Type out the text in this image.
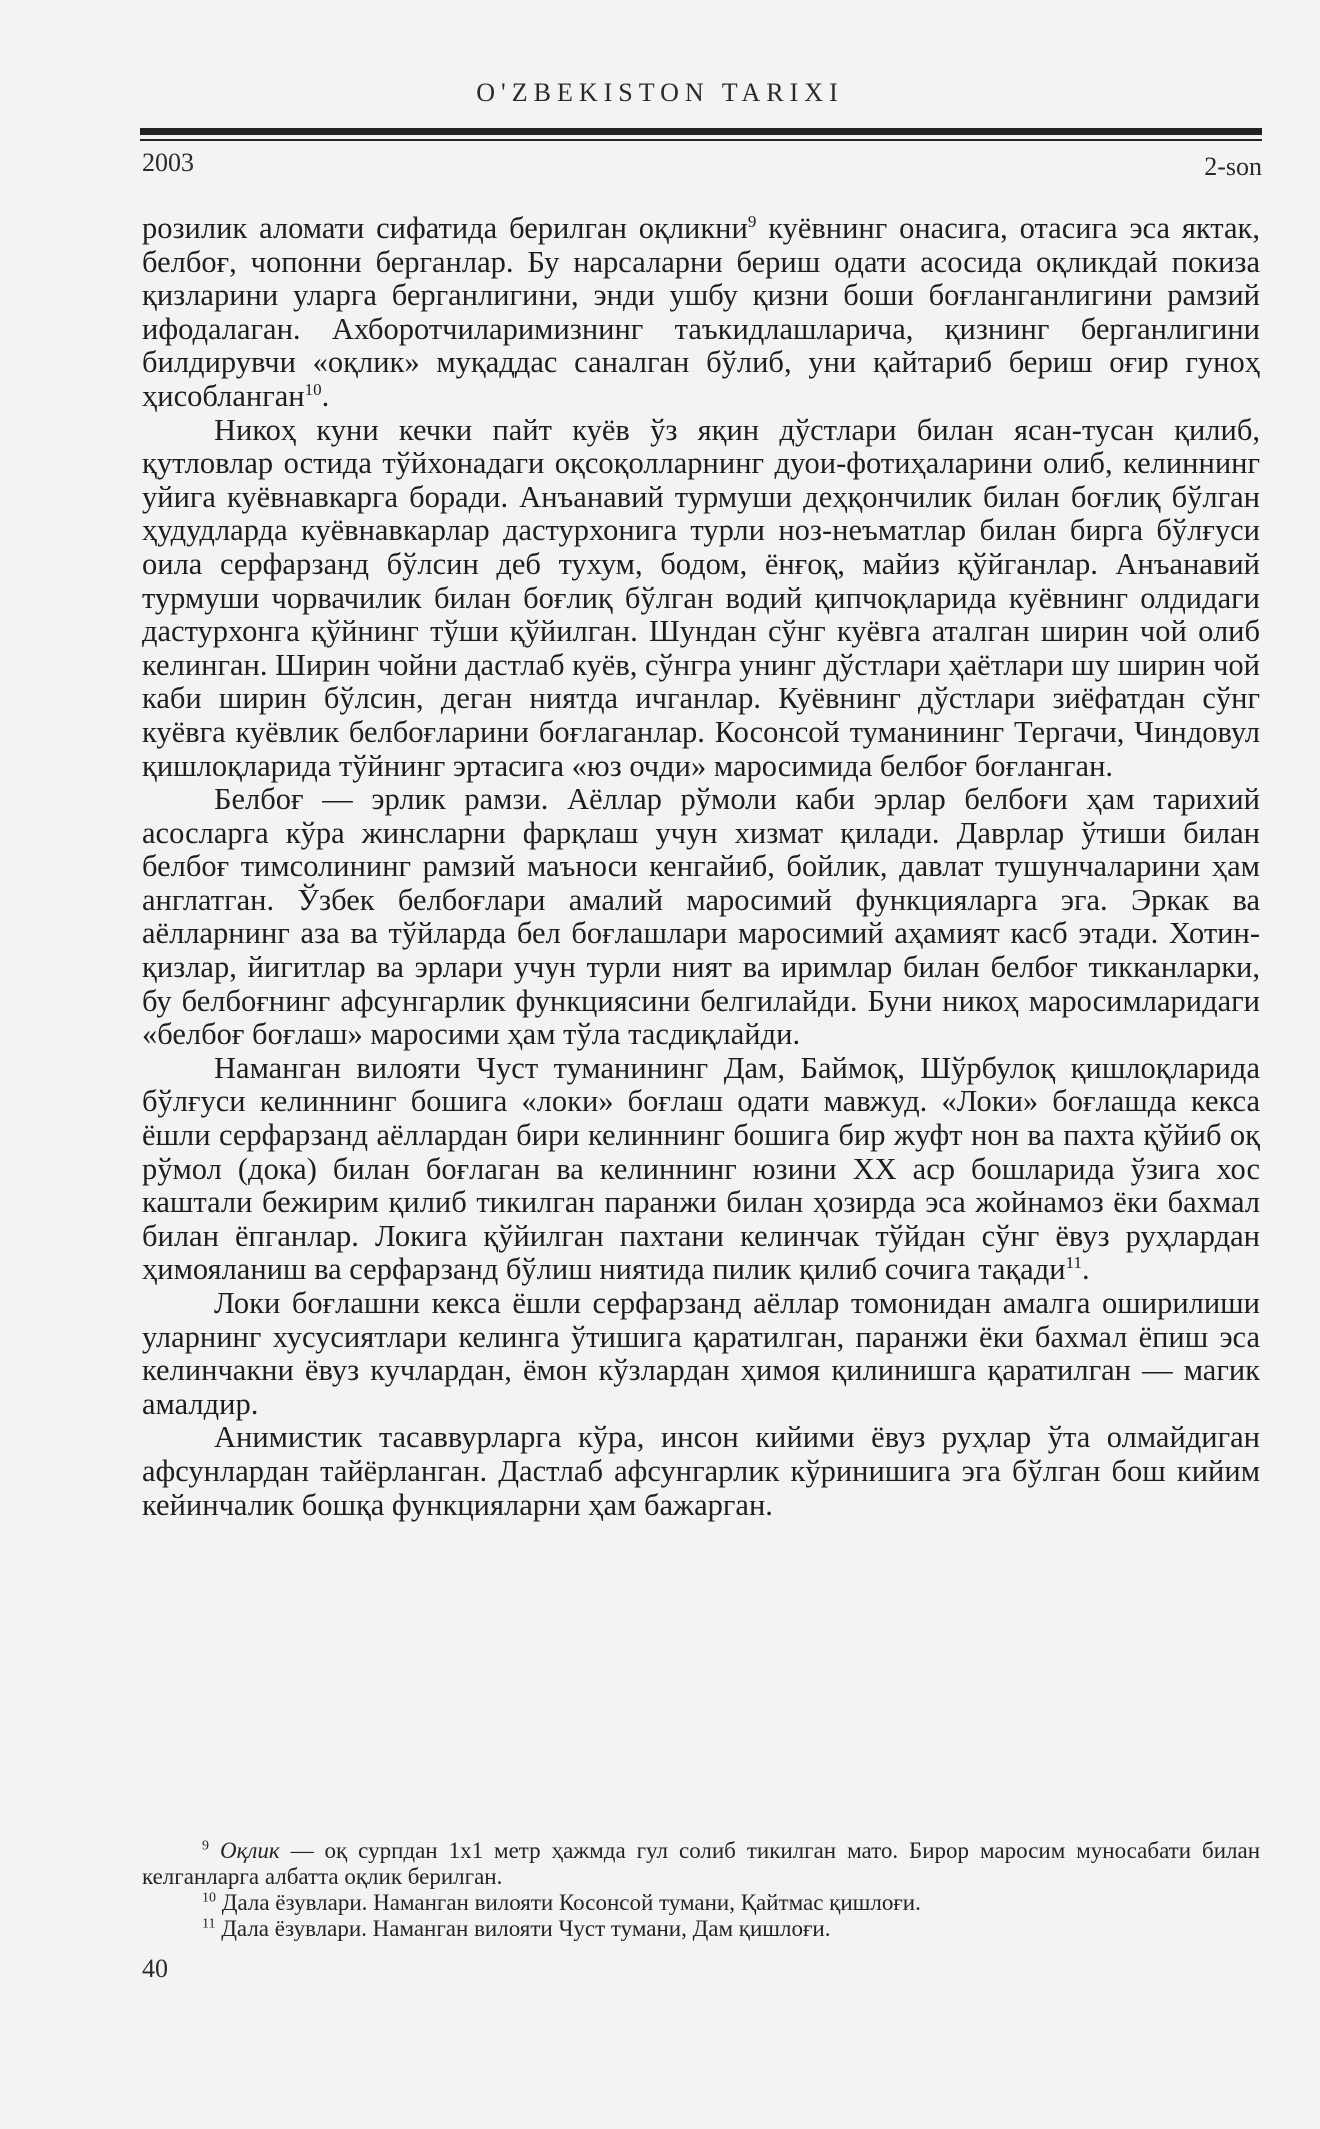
O'ZBEKISTON TARIXI
2003	2-son

розилик аломати сифатида берилган оқликни$^9$ куёвнинг онасига, отасига эса яктак, белбоғ, чопонни берганлар. Бу нарсаларни бериш одати асосида оқликдай покиза қизларини уларга берганлигини, энди ушбу қизни боши боғланганлигини рамзий ифодалаган. Ахборотчиларимизнинг таъкидлашларича, қизнинг берганлигини билдирувчи «оқлик» муқаддас саналган бўлиб, уни қайтариб бериш оғир гуноҳ ҳисобланган$^{10}$.

Никоҳ куни кечки пайт куёв ўз яқин дўстлари билан ясан-тусан қилиб, қутловлар остида тўйхонадаги оқсоқолларнинг дуои-фотиҳаларини олиб, келиннинг уйига куёвнавкарга боради. Анъанавий турмуши деҳқончилик билан боғлиқ бўлган ҳудудларда куёвнавкарлар дастурхонига турли ноз-неъматлар билан бирга бўлғуси оила серфарзанд бўлсин деб тухум, бодом, ёнғоқ, майиз қўйганлар. Анъанавий турмуши чорвачилик билан боғлиқ бўлган водий қипчоқларида куёвнинг олдидаги дастурхонга қўйнинг тўши қўйилган. Шундан сўнг куёвга аталган ширин чой олиб келинган. Ширин чойни дастлаб куёв, сўнгра унинг дўстлари ҳаётлари шу ширин чой каби ширин бўлсин, деган ниятда ичганлар. Куёвнинг дўстлари зиёфатдан сўнг куёвга куёвлик белбоғларини боғлаганлар. Косонсой туманининг Тергачи, Чиндовул қишлоқларида тўйнинг эртасига «юз очди» маросимида белбоғ боғланган.

Белбоғ — эрлик рамзи. Аёллар рўмоли каби эрлар белбоғи ҳам тарихий асосларга кўра жинсларни фарқлаш учун хизмат қилади. Даврлар ўтиши билан белбоғ тимсолининг рамзий маъноси кенгайиб, бойлик, давлат тушунчаларини ҳам англатган. Ўзбек белбоғлари амалий маросимий функцияларга эга. Эркак ва аёлларнинг аза ва тўйларда бел боғлашлари маросимий аҳамият касб этади. Хотин-қизлар, йигитлар ва эрлари учун турли ният ва иримлар билан белбоғ тикканларки, бу белбоғнинг афсунгарлик функциясини белгилайди. Буни никоҳ маросимларидаги «белбоғ боғлаш» маросими ҳам тўла тасдиқлайди.

Наманган вилояти Чуст туманининг Дам, Баймоқ, Шўрбулоқ қишлоқларида бўлғуси келиннинг бошига «локи» боғлаш одати мавжуд. «Локи» боғлашда кекса ёшли серфарзанд аёллардан бири келиннинг бошига бир жуфт нон ва пахта қўйиб оқ рўмол (дока) билан боғлаган ва келиннинг юзини XX аср бошларида ўзига хос каштали бежирим қилиб тикилган паранжи билан ҳозирда эса жойнамоз ёки бахмал билан ёпганлар. Локига қўйилган пахтани келинчак тўйдан сўнг ёвуз руҳлардан ҳимояланиш ва серфарзанд бўлиш ниятида пилик қилиб сочига тақади$^{11}$.

Локи боғлашни кекса ёшли серфарзанд аёллар томонидан амалга оширилиши уларнинг хусусиятлари келинга ўтишига қаратилган, паранжи ёки бахмал ёпиш эса келинчакни ёвуз кучлардан, ёмон кўзлардан ҳимоя қилинишга қаратилган — магик амалдир.

Анимистик тасаввурларга кўра, инсон кийими ёвуз руҳлар ўта олмайдиган афсунлардан тайёрланган. Дастлаб афсунгарлик кўринишига эга бўлган бош кийим кейинчалик бошқа функцияларни ҳам бажарган.

$^9$ Оқлик — оқ сурпдан 1х1 метр ҳажмда гул солиб тикилган мато. Бирор маросим муносабати билан келганларга албатта оқлик берилган.

$^{10}$ Дала ёзувлари. Наманган вилояти Косонсой тумани, Қайтмас қишлоғи.

$^{11}$ Дала ёзувлари. Наманган вилояти Чуст тумани, Дам қишлоғи.

40
